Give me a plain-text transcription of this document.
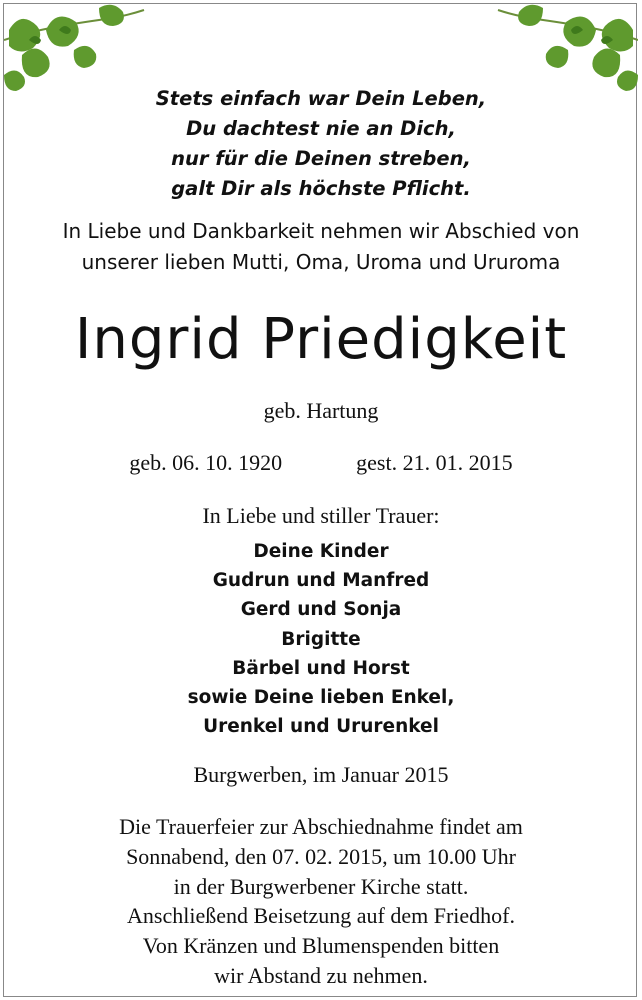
Stets einfach war Dein Leben,
Du dachtest nie an Dich,
nur für die Deinen streben,
galt Dir als höchste Pflicht.
In Liebe und Dankbarkeit nehmen wir Abschied von
unserer lieben Mutti, Oma, Uroma und Ururoma
Ingrid Priedigkeit
geb. Hartung
geb. 06. 10. 1920	gest. 21. 01. 2015
In Liebe und stiller Trauer:
Deine Kinder
Gudrun und Manfred
Gerd und Sonja
Brigitte
Bärbel und Horst
sowie Deine lieben Enkel,
Urenkel und Ururenkel
Burgwerben, im Januar 2015
Die Trauerfeier zur Abschiednahme findet am
Sonnabend, den 07. 02. 2015, um 10.00 Uhr
in der Burgwerbener Kirche statt.
Anschließend Beisetzung auf dem Friedhof.
Von Kränzen und Blumenspenden bitten
wir Abstand zu nehmen.
